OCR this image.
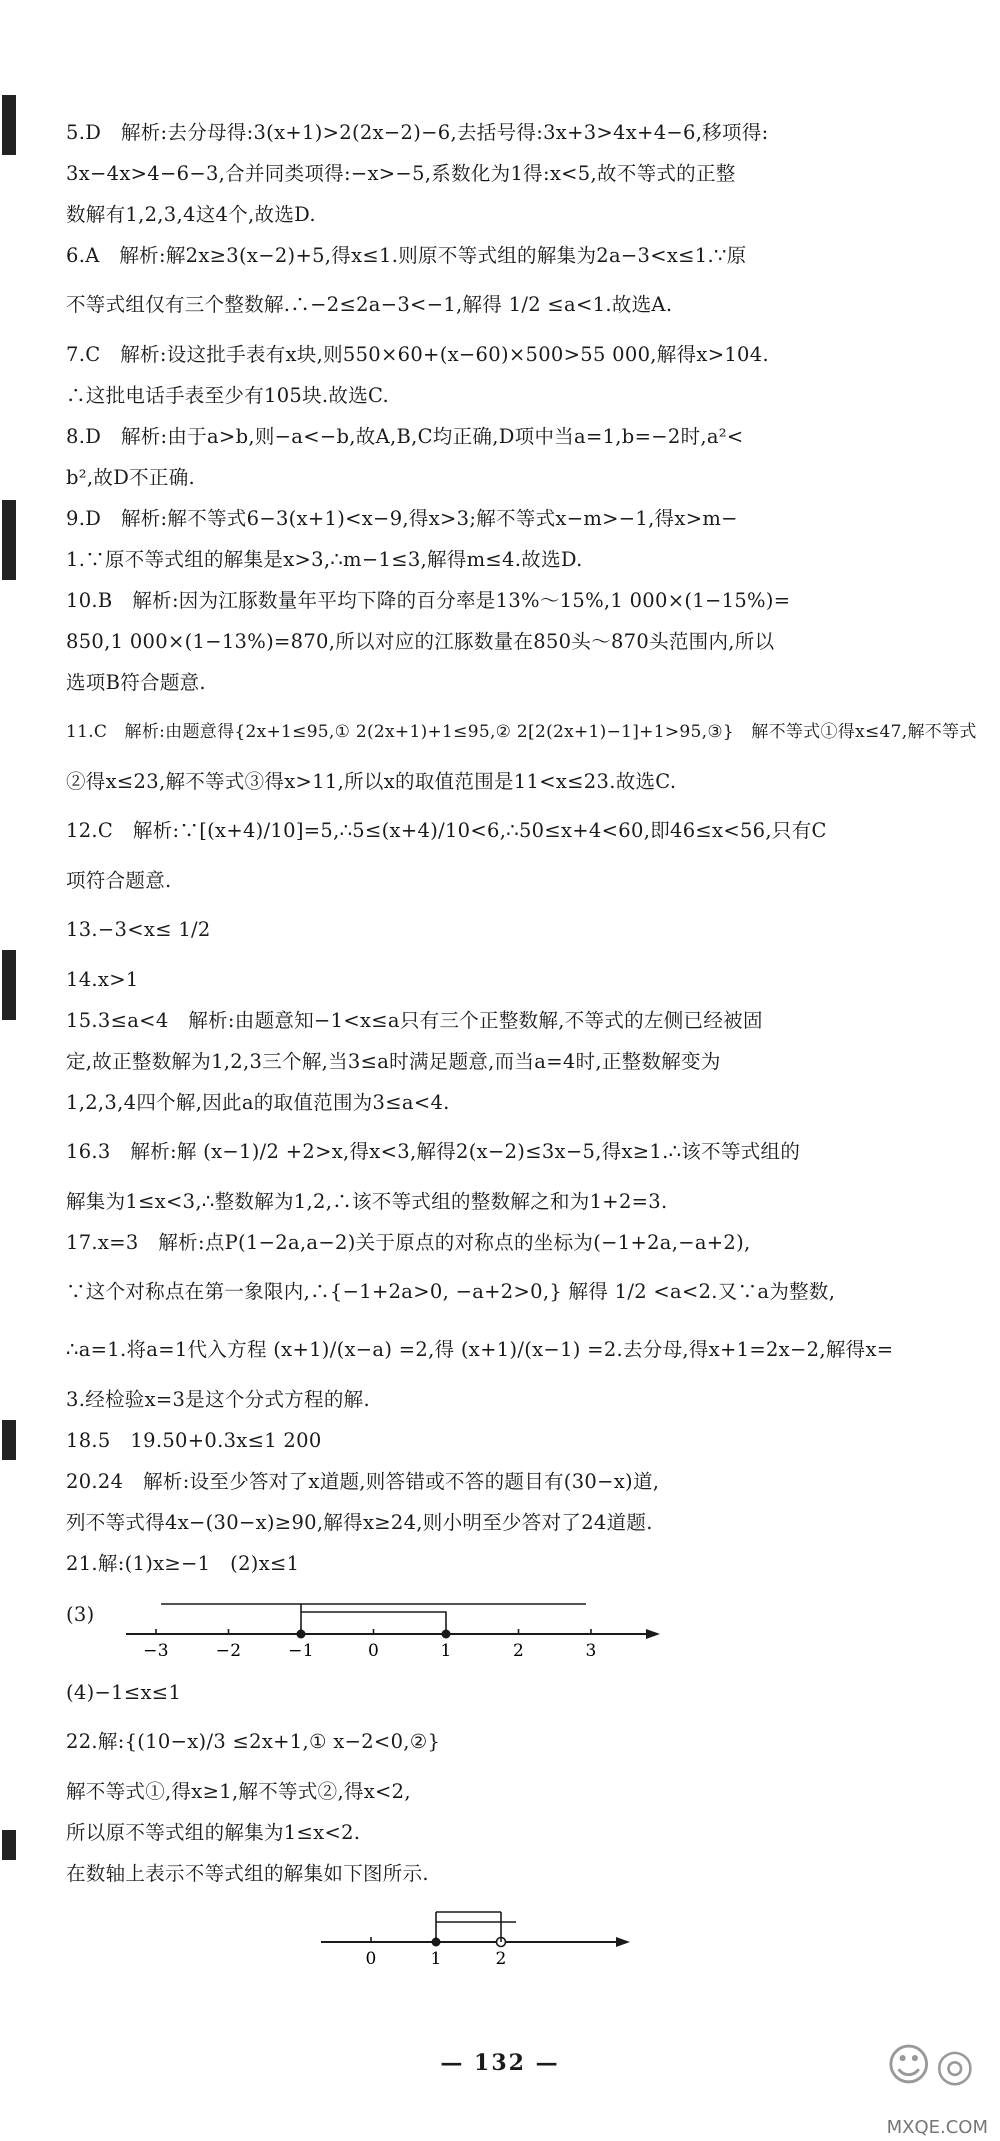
5.D　解析:去分母得:3(x+1)>2(2x−2)−6,去括号得:3x+3>4x+4−6,移项得:
3x−4x>4−6−3,合并同类项得:−x>−5,系数化为1得:x<5,故不等式的正整
数解有1,2,3,4这4个,故选D.
6.A　解析:解2x≥3(x−2)+5,得x≤1.则原不等式组的解集为2a−3<x≤1.∵原
不等式组仅有三个整数解.∴−2≤2a−3<−1,解得 1/2 ≤a<1.故选A.
7.C　解析:设这批手表有x块,则550×60+(x−60)×500>55 000,解得x>104.
∴这批电话手表至少有105块.故选C.
8.D　解析:由于a>b,则−a<−b,故A,B,C均正确,D项中当a=1,b=−2时,a²<
b²,故D不正确.
9.D　解析:解不等式6−3(x+1)<x−9,得x>3;解不等式x−m>−1,得x>m−
1.∵原不等式组的解集是x>3,∴m−1≤3,解得m≤4.故选D.
10.B　解析:因为江豚数量年平均下降的百分率是13%～15%,1 000×(1−15%)=
850,1 000×(1−13%)=870,所以对应的江豚数量在850头～870头范围内,所以
选项B符合题意.
11.C　解析:由题意得{2x+1≤95,① 2(2x+1)+1≤95,② 2[2(2x+1)−1]+1>95,③}　解不等式①得x≤47,解不等式
②得x≤23,解不等式③得x>11,所以x的取值范围是11<x≤23.故选C.
12.C　解析:∵[(x+4)/10]=5,∴5≤(x+4)/10<6,∴50≤x+4<60,即46≤x<56,只有C
项符合题意.
13.−3<x≤ 1/2
14.x>1
15.3≤a<4　解析:由题意知−1<x≤a只有三个正整数解,不等式的左侧已经被固
定,故正整数解为1,2,3三个解,当3≤a时满足题意,而当a=4时,正整数解变为
1,2,3,4四个解,因此a的取值范围为3≤a<4.
16.3　解析:解 (x−1)/2 +2>x,得x<3,解得2(x−2)≤3x−5,得x≥1.∴该不等式组的
解集为1≤x<3,∴整数解为1,2,∴该不等式组的整数解之和为1+2=3.
17.x=3　解析:点P(1−2a,a−2)关于原点的对称点的坐标为(−1+2a,−a+2),
∵这个对称点在第一象限内,∴{−1+2a>0, −a+2>0,} 解得 1/2 <a<2.又∵a为整数,
∴a=1.将a=1代入方程 (x+1)/(x−a) =2,得 (x+1)/(x−1) =2.去分母,得x+1=2x−2,解得x=
3.经检验x=3是这个分式方程的解.
18.5　19.50+0.3x≤1 200
20.24　解析:设至少答对了x道题,则答错或不答的题目有(30−x)道,
列不等式得4x−(30−x)≥90,解得x≥24,则小明至少答对了24道题.
21.解:(1)x≥−1　(2)x≤1
(3)
−3	−2	−1	0	1	2	3
(4)−1≤x≤1
22.解:{(10−x)/3 ≤2x+1,① x−2<0,②}
解不等式①,得x≥1,解不等式②,得x<2,
所以原不等式组的解集为1≤x<2.
在数轴上表示不等式组的解集如下图所示.
0	1	2
— 132 —	☺◎
MXQE.COM
